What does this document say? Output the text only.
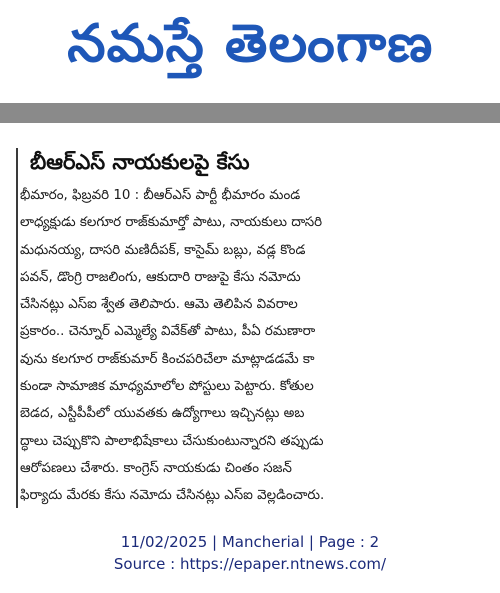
నమస్తే తెలంగాణ
బీఆర్ఎస్ నాయకులపై కేసు
భీమారం, ఫిబ్రవరి 10 : బీఆర్ఎస్ పార్టీ భీమారం మండ
లాధ్యక్షుడు కలగూర రాజ్‌కుమార్తో పాటు, నాయకులు దాసరి
మధునయ్య, దాసరి మణిదీపక్, కాసైమ్ బబ్లు, వడ్ల కొండ
పవన్, డొంగ్రి రాజలింగు, ఆకుదారి రాజుపై కేసు నమోదు
చేసినట్లు ఎస్ఐ శ్వేత తెలిపారు. ఆమె తెలిపిన వివరాల
ప్రకారం.. చెన్నూర్ ఎమ్మెల్యే వివేక్‌తో పాటు, పీఏ రమణారా
వును కలగూర రాజ్‌కుమార్ కించపరిచేలా మాట్లాడడమే కా
కుండా సామాజిక మాధ్యమాలోల పోస్టులు పెట్టారు. కోతుల
బెడద, ఎస్టీపీపీలో యువతకు ఉద్యోగాలు ఇచ్చినట్లు అబ
ద్ధాలు చెప్పుకొని పాలాభిషేకాలు చేసుకుంటున్నారని తప్పుడు
ఆరోపణలు చేశారు. కాంగ్రెస్ నాయకుడు చింతం సజన్
ఫిర్యాదు మేరకు కేసు నమోదు చేసినట్లు ఎస్ఐ వెల్లడించారు.
11/02/2025 | Mancherial | Page : 2
Source : https://epaper.ntnews.com/
